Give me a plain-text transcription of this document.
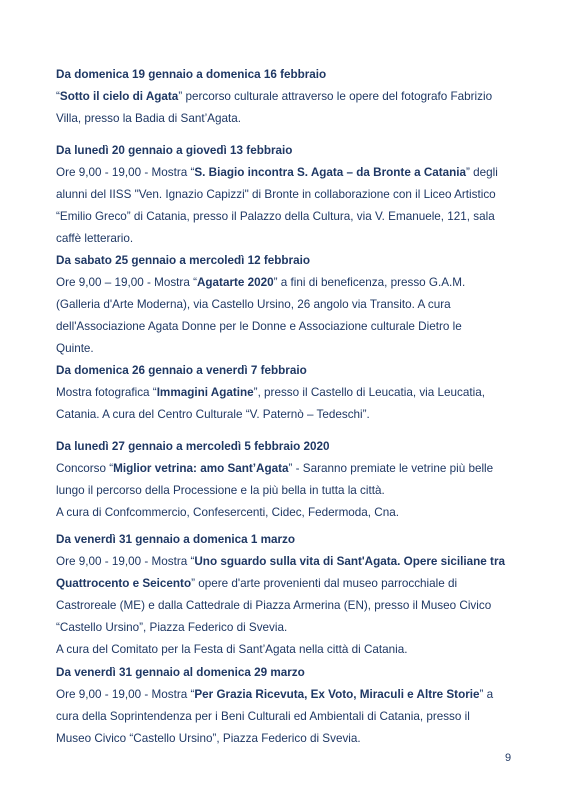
Da domenica 19 gennaio a domenica 16 febbraio
“Sotto il cielo di Agata” percorso culturale attraverso le opere del fotografo Fabrizio
Villa, presso la Badia di Sant’Agata.
Da lunedì 20 gennaio a giovedì 13 febbraio
Ore 9,00 - 19,00 - Mostra “S. Biagio incontra S. Agata – da Bronte a Catania” degli
alunni del IISS "Ven. Ignazio Capizzi" di Bronte in collaborazione con il Liceo Artistico
“Emilio Greco” di Catania, presso il Palazzo della Cultura, via V. Emanuele, 121, sala
caffè letterario.
Da sabato 25 gennaio a mercoledì 12 febbraio
Ore 9,00 – 19,00 - Mostra “Agatarte 2020” a fini di beneficenza, presso G.A.M.
(Galleria d'Arte Moderna), via Castello Ursino, 26 angolo via Transito. A cura
dell'Associazione Agata Donne per le Donne e Associazione culturale Dietro le
Quinte.
Da domenica 26 gennaio a venerdì 7 febbraio
Mostra fotografica “Immagini Agatine”, presso il Castello di Leucatia, via Leucatia,
Catania. A cura del Centro Culturale “V. Paternò – Tedeschi”.
Da lunedì 27 gennaio a mercoledì 5 febbraio 2020
Concorso “Miglior vetrina: amo Sant’Agata” - Saranno premiate le vetrine più belle
lungo il percorso della Processione e la più bella in tutta la città.
A cura di Confcommercio, Confesercenti, Cidec, Federmoda, Cna.
Da venerdì 31 gennaio a domenica 1 marzo
Ore 9,00 - 19,00 - Mostra “Uno sguardo sulla vita di Sant'Agata. Opere siciliane tra
Quattrocento e Seicento” opere d'arte provenienti dal museo parrocchiale di
Castroreale (ME) e dalla Cattedrale di Piazza Armerina (EN), presso il Museo Civico
“Castello Ursino”, Piazza Federico di Svevia.
A cura del Comitato per la Festa di Sant’Agata nella città di Catania.
Da venerdì 31 gennaio al domenica 29 marzo
Ore 9,00 - 19,00 - Mostra “Per Grazia Ricevuta, Ex Voto, Miraculi e Altre Storie” a
cura della Soprintendenza per i Beni Culturali ed Ambientali di Catania, presso il
Museo Civico “Castello Ursino”, Piazza Federico di Svevia.
9
